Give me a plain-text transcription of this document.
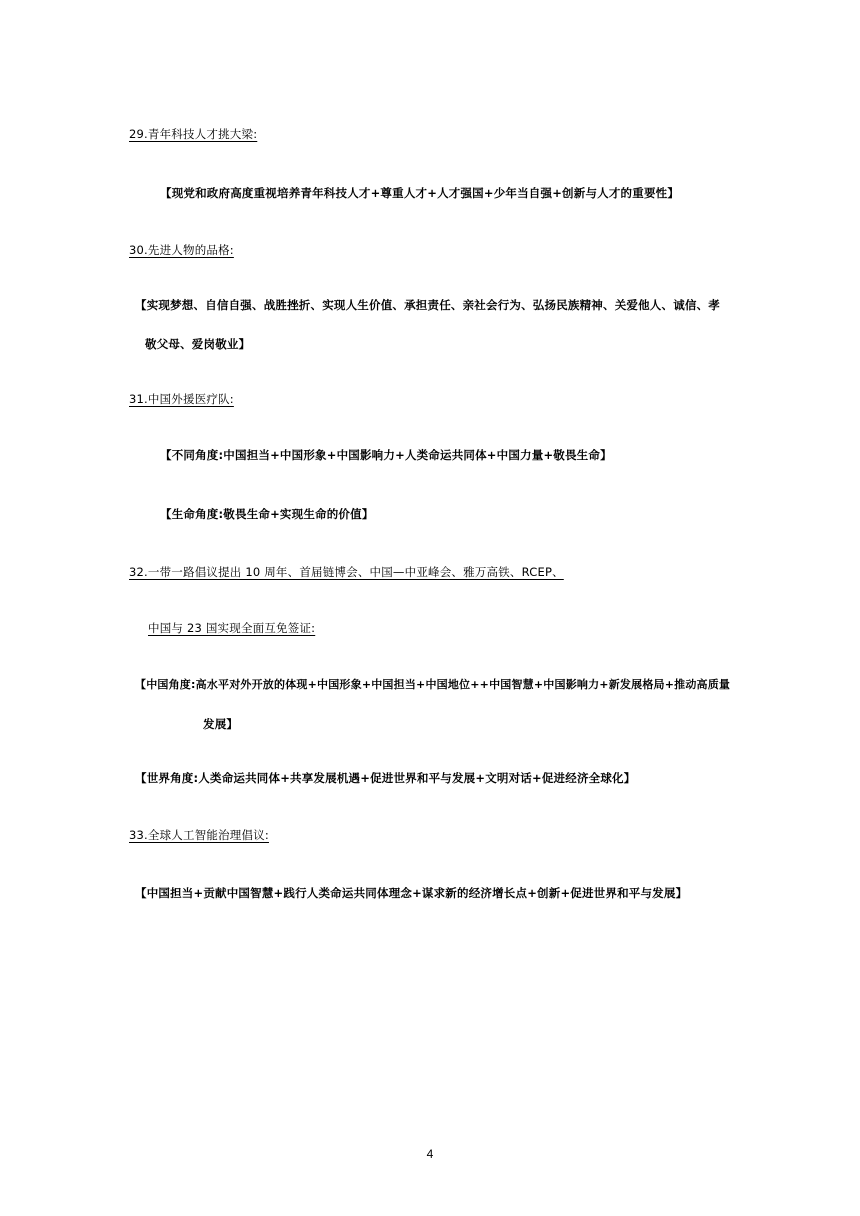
29.青年科技人才挑大梁:
【现党和政府高度重视培养青年科技人才+尊重人才+人才强国+少年当自强+创新与人才的重要性】
30.先进人物的品格:
【实现梦想、自信自强、战胜挫折、实现人生价值、承担责任、亲社会行为、弘扬民族精神、关爱他人、诚信、孝
敬父母、爱岗敬业】
31.中国外援医疗队:
【不同角度:中国担当+中国形象+中国影响力+人类命运共同体+中国力量+敬畏生命】
【生命角度:敬畏生命+实现生命的价值】
32.一带一路倡议提出 10 周年、首届链博会、中国—中亚峰会、雅万高铁、RCEP、
中国与 23 国实现全面互免签证:
【中国角度:高水平对外开放的体现+中国形象+中国担当+中国地位++中国智慧+中国影响力+新发展格局+推动高质量
发展】
【世界角度:人类命运共同体+共享发展机遇+促进世界和平与发展+文明对话+促进经济全球化】
33.全球人工智能治理倡议:
【中国担当+贡献中国智慧+践行人类命运共同体理念+谋求新的经济增长点+创新+促进世界和平与发展】
4
